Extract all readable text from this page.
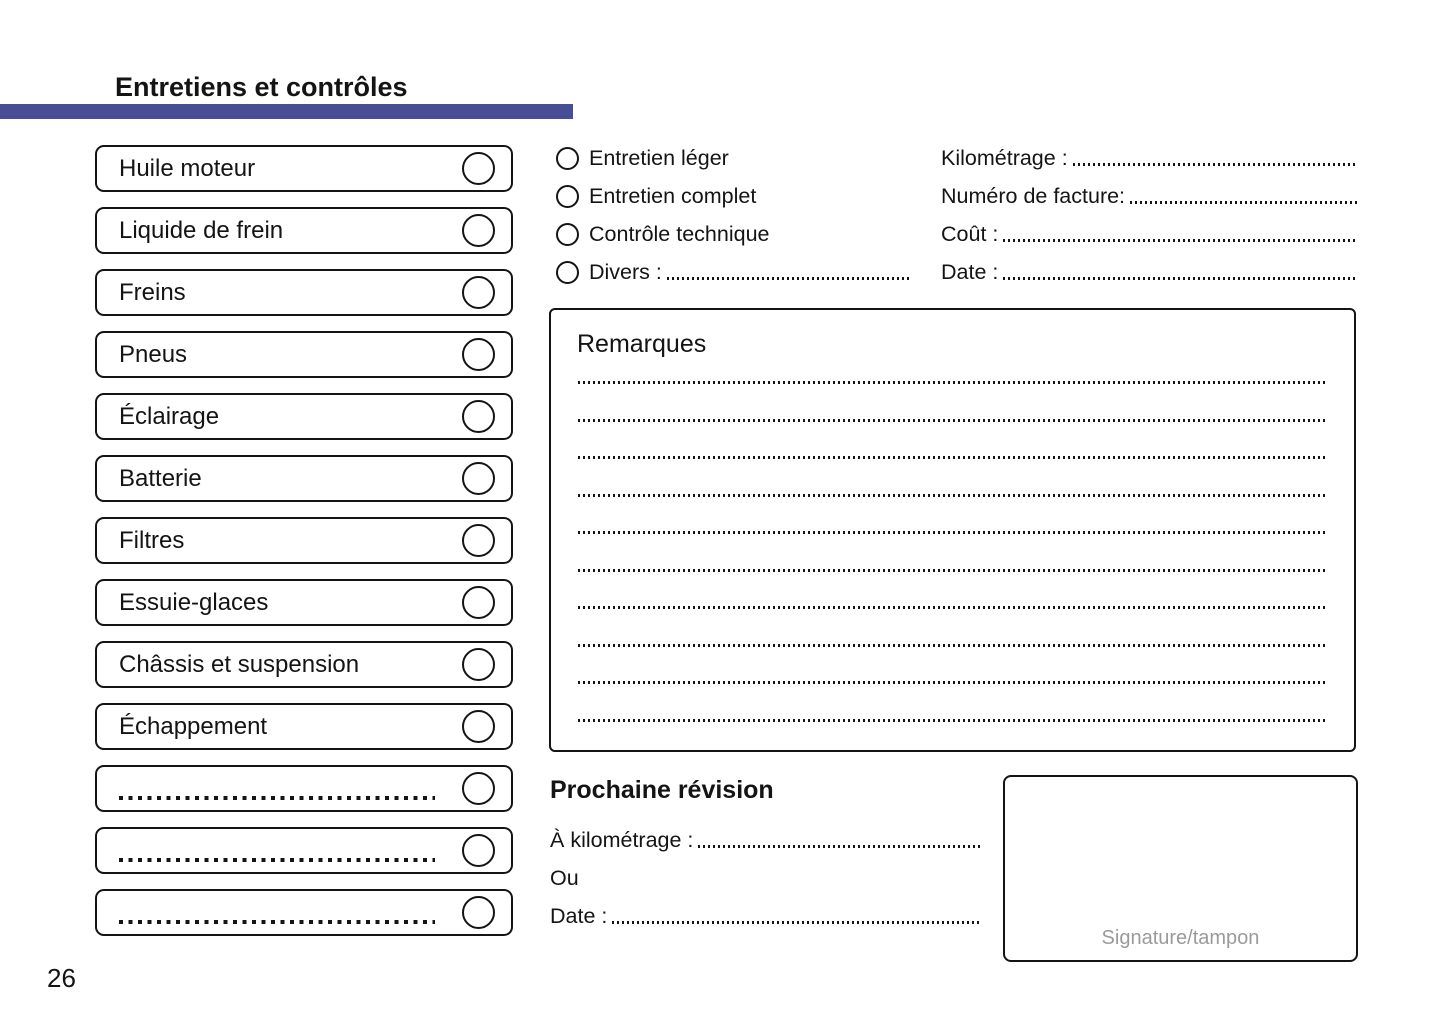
Entretiens et contrôles
Huile moteur
Liquide de frein
Freins
Pneus
Éclairage
Batterie
Filtres
Essuie-glaces
Châssis et suspension
Échappement
Entretien léger
Entretien complet
Contrôle technique
Divers :
Kilométrage :
Numéro de facture:
Coût :
Date :
Remarques
Prochaine révision
À kilométrage :
Ou
Date :
Signature/tampon
26
